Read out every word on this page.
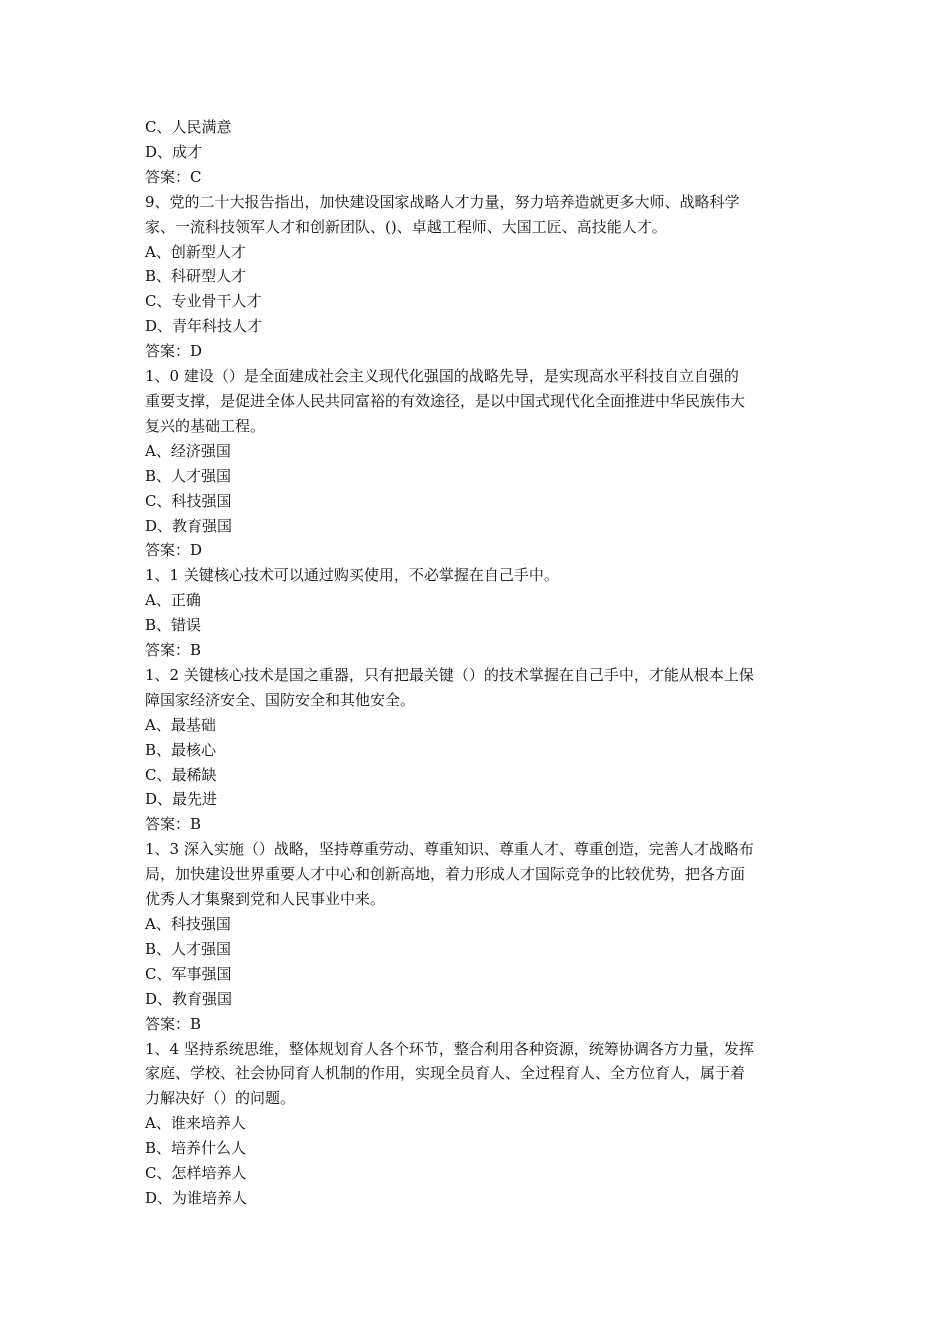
C、人民满意
D、成才
答案：C
9、党的二十大报告指出，加快建设国家战略人才力量，努力培养造就更多大师、战略科学
家、一流科技领军人才和创新团队、()、卓越工程师、大国工匠、高技能人才。
A、创新型人才
B、科研型人才
C、专业骨干人才
D、青年科技人才
答案：D
1、0 建设（）是全面建成社会主义现代化强国的战略先导，是实现高水平科技自立自强的
重要支撑，是促进全体人民共同富裕的有效途径，是以中国式现代化全面推进中华民族伟大
复兴的基础工程。
A、经济强国
B、人才强国
C、科技强国
D、教育强国
答案：D
1、1 关键核心技术可以通过购买使用，不必掌握在自己手中。
A、正确
B、错误
答案：B
1、2 关键核心技术是国之重器，只有把最关键（）的技术掌握在自己手中，才能从根本上保
障国家经济安全、国防安全和其他安全。
A、最基础
B、最核心
C、最稀缺
D、最先进
答案：B
1、3 深入实施（）战略，坚持尊重劳动、尊重知识、尊重人才、尊重创造，完善人才战略布
局，加快建设世界重要人才中心和创新高地，着力形成人才国际竞争的比较优势，把各方面
优秀人才集聚到党和人民事业中来。
A、科技强国
B、人才强国
C、军事强国
D、教育强国
答案：B
1、4 坚持系统思维，整体规划育人各个环节，整合利用各种资源，统筹协调各方力量，发挥
家庭、学校、社会协同育人机制的作用，实现全员育人、全过程育人、全方位育人，属于着
力解决好（）的问题。
A、谁来培养人
B、培养什么人
C、怎样培养人
D、为谁培养人
